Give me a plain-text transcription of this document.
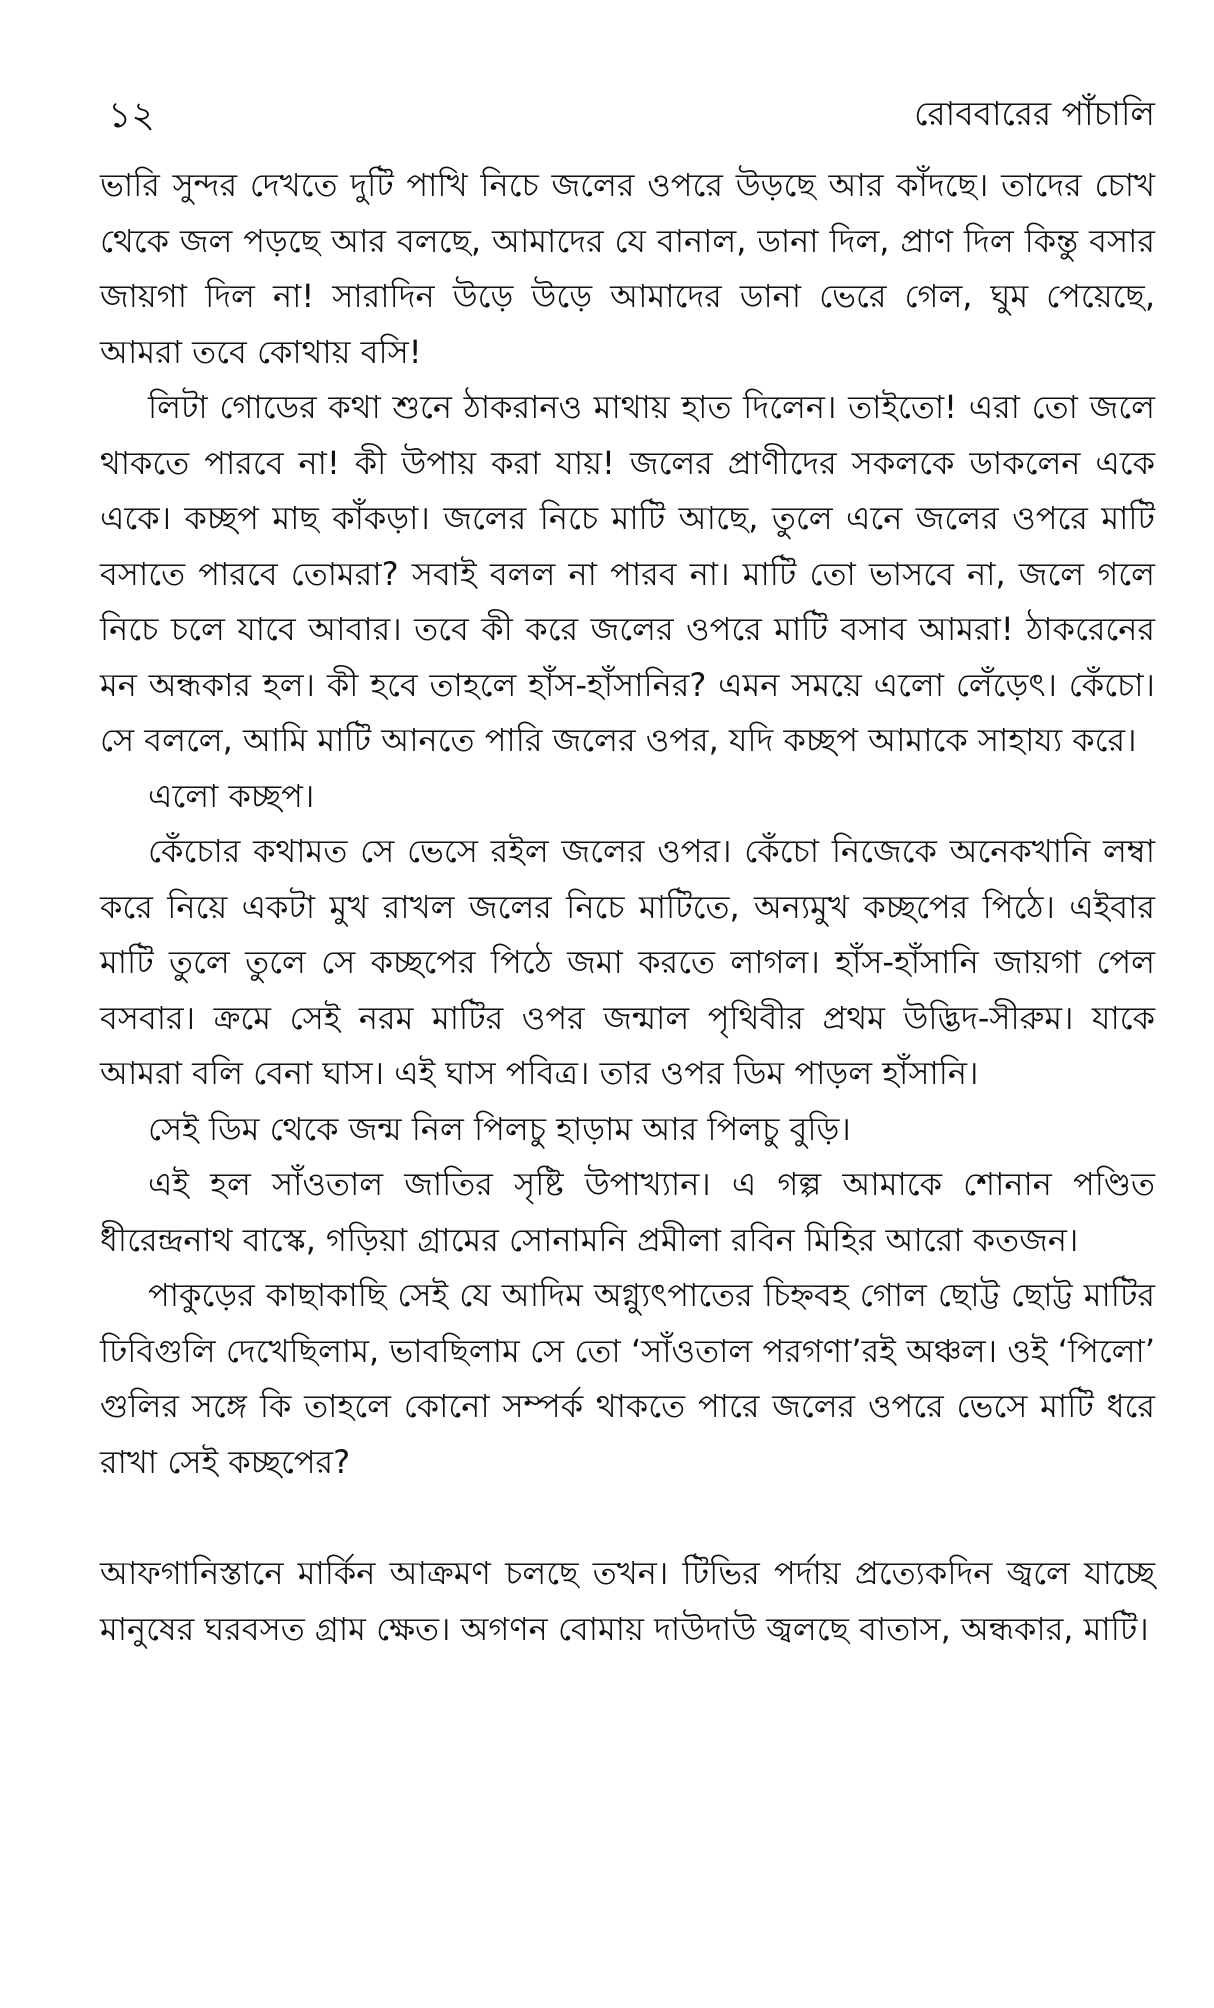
১২	রোববারের পাঁচালি

ভারি সুন্দর দেখতে দুটি পাখি নিচে জলের ওপরে উড়ছে আর কাঁদছে। তাদের চোখ থেকে জল পড়ছে আর বলছে, আমাদের যে বানাল, ডানা দিল, প্রাণ দিল কিন্তু বসার জায়গা দিল না! সারাদিন উড়ে উড়ে আমাদের ডানা ভেরে গেল, ঘুম পেয়েছে, আমরা তবে কোথায় বসি!

লিটা গোডের কথা শুনে ঠাকরানও মাথায় হাত দিলেন। তাইতো! এরা তো জলে থাকতে পারবে না! কী উপায় করা যায়! জলের প্রাণীদের সকলকে ডাকলেন একে একে। কচ্ছপ মাছ কাঁকড়া। জলের নিচে মাটি আছে, তুলে এনে জলের ওপরে মাটি বসাতে পারবে তোমরা? সবাই বলল না পারব না। মাটি তো ভাসবে না, জলে গলে নিচে চলে যাবে আবার। তবে কী করে জলের ওপরে মাটি বসাব আমরা! ঠাকরেনের মন অন্ধকার হল। কী হবে তাহলে হাঁস-হাঁসানির? এমন সময়ে এলো লেঁড়েৎ। কেঁচো। সে বললে, আমি মাটি আনতে পারি জলের ওপর, যদি কচ্ছপ আমাকে সাহায্য করে।

এলো কচ্ছপ।

কেঁচোর কথামত সে ভেসে রইল জলের ওপর। কেঁচো নিজেকে অনেকখানি লম্বা করে নিয়ে একটা মুখ রাখল জলের নিচে মাটিতে, অন্যমুখ কচ্ছপের পিঠে। এইবার মাটি তুলে তুলে সে কচ্ছপের পিঠে জমা করতে লাগল। হাঁস-হাঁসানি জায়গা পেল বসবার। ক্রমে সেই নরম মাটির ওপর জন্মাল পৃথিবীর প্রথম উদ্ভিদ-সীরুম। যাকে আমরা বলি বেনা ঘাস। এই ঘাস পবিত্র। তার ওপর ডিম পাড়ল হাঁসানি।

সেই ডিম থেকে জন্ম নিল পিলচু হাড়াম আর পিলচু বুড়ি।

এই হল সাঁওতাল জাতির সৃষ্টি উপাখ্যান। এ গল্প আমাকে শোনান পণ্ডিত ধীরেন্দ্রনাথ বাস্কে, গড়িয়া গ্রামের সোনামনি প্রমীলা রবিন মিহির আরো কতজন।

পাকুড়ের কাছাকাছি সেই যে আদিম অগ্ন্যুৎপাতের চিহ্নবহ গোল ছোট্ট ছোট্ট মাটির ঢিবিগুলি দেখেছিলাম, ভাবছিলাম সে তো ‘সাঁওতাল পরগণা’রই অঞ্চল। ওই ‘পিলো’ গুলির সঙ্গে কি তাহলে কোনো সম্পর্ক থাকতে পারে জলের ওপরে ভেসে মাটি ধরে রাখা সেই কচ্ছপের?

আফগানিস্তানে মার্কিন আক্রমণ চলছে তখন। টিভির পর্দায় প্রত্যেকদিন জ্বলে যাচ্ছে মানুষের ঘরবসত গ্রাম ক্ষেত। অগণন বোমায় দাউদাউ জ্বলছে বাতাস, অন্ধকার, মাটি।
